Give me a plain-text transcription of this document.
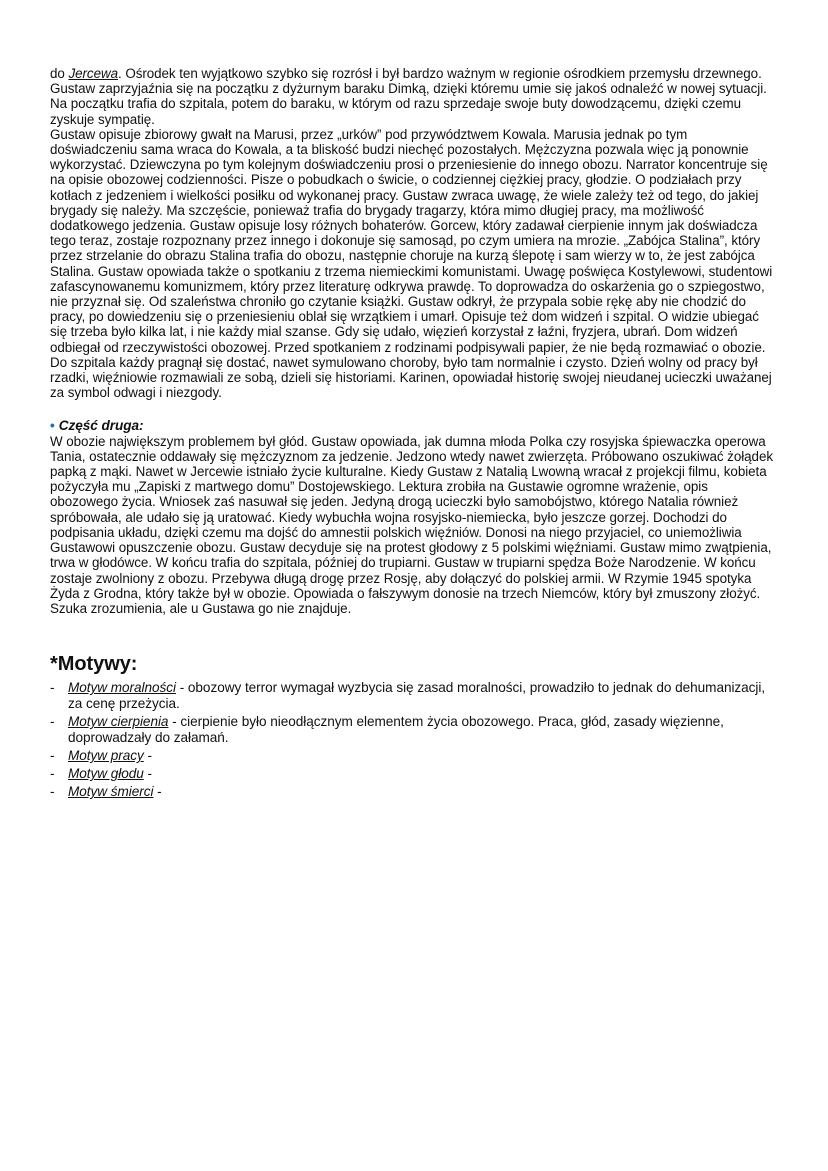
do Jercewa. Ośrodek ten wyjątkowo szybko się rozrósł i był bardzo ważnym w regionie ośrodkiem przemysłu drzewnego. Gustaw zaprzyjaźnia się na początku z dyżurnym baraku Dimką, dzięki któremu umie się jakoś odnaleźć w nowej sytuacji. Na początku trafia do szpitala, potem do baraku, w którym od razu sprzedaje swoje buty dowodzącemu, dzięki czemu zyskuje sympatię.

Gustaw opisuje zbiorowy gwałt na Marusi, przez „urków” pod przywództwem Kowala. Marusia jednak po tym doświadczeniu sama wraca do Kowala, a ta bliskość budzi niechęć pozostałych. Mężczyzna pozwala więc ją ponownie wykorzystać. Dziewczyna po tym kolejnym doświadczeniu prosi o przeniesienie do innego obozu. Narrator koncentruje się na opisie obozowej codzienności. Pisze o pobudkach o świcie, o codziennej ciężkiej pracy, głodzie. O podziałach przy kotłach z jedzeniem i wielkości posiłku od wykonanej pracy. Gustaw zwraca uwagę, że wiele zależy też od tego, do jakiej brygady się należy. Ma szczęście, ponieważ trafia do brygady tragarzy, która mimo długiej pracy, ma możliwość dodatkowego jedzenia. Gustaw opisuje losy różnych bohaterów. Gorcew, który zadawał cierpienie innym jak doświadcza tego teraz, zostaje rozpoznany przez innego i dokonuje się samosąd, po czym umiera na mrozie. „Zabójca Stalina”, który przez strzelanie do obrazu Stalina trafia do obozu, następnie choruje na kurzą ślepotę i sam wierzy w to, że jest zabójca Stalina. Gustaw opowiada także o spotkaniu z trzema niemieckimi komunistami. Uwagę poświęca Kostylewowi, studentowi zafascynowanemu komunizmem, który przez literaturę odkrywa prawdę. To doprowadza do oskarżenia go o szpiegostwo, nie przyznał się. Od szaleństwa chroniło go czytanie książki. Gustaw odkrył, że przypala sobie rękę aby nie chodzić do pracy, po dowiedzeniu się o przeniesieniu oblał się wrzątkiem i umarł. Opisuje też dom widzeń i szpital. O widzie ubiegać się trzeba było kilka lat, i nie każdy mial szanse. Gdy się udało, więzień korzystał z łaźni, fryzjera, ubrań. Dom widzeń odbiegał od rzeczywistości obozowej. Przed spotkaniem z rodzinami podpisywali papier, że nie będą rozmawiać o obozie. Do szpitala każdy pragnął się dostać, nawet symulowano choroby, było tam normalnie i czysto. Dzień wolny od pracy był rzadki, więźniowie rozmawiali ze sobą, dzieli się historiami. Karinen, opowiadał historię swojej nieudanej ucieczki uważanej za symbol odwagi i niezgody.

• Część druga:

W obozie największym problemem był głód. Gustaw opowiada, jak dumna młoda Polka czy rosyjska śpiewaczka operowa Tania, ostatecznie oddawały się mężczyznom za jedzenie. Jedzono wtedy nawet zwierzęta. Próbowano oszukiwać żołądek papką z mąki. Nawet w Jercewie istniało życie kulturalne. Kiedy Gustaw z Natalią Lwowną wracał z projekcji filmu, kobieta pożyczyła mu „Zapiski z martwego domu” Dostojewskiego. Lektura zrobiła na Gustawie ogromne wrażenie, opis obozowego życia. Wniosek zaś nasuwał się jeden. Jedyną drogą ucieczki było samobójstwo, którego Natalia również spróbowała, ale udało się ją uratować. Kiedy wybuchła wojna rosyjsko-niemiecka, było jeszcze gorzej. Dochodzi do podpisania układu, dzięki czemu ma dojść do amnestii polskich więźniów. Donosi na niego przyjaciel, co uniemożliwia Gustawowi opuszczenie obozu. Gustaw decyduje się na protest głodowy z 5 polskimi więźniami. Gustaw mimo zwątpienia, trwa w głodówce. W końcu trafia do szpitala, później do trupiarni. Gustaw w trupiarni spędza Boże Narodzenie. W końcu zostaje zwolniony z obozu. Przebywa długą drogę przez Rosję, aby dołączyć do polskiej armii. W Rzymie 1945 spotyka Żyda z Grodna, który także był w obozie. Opowiada o fałszywym donosie na trzech Niemców, który był zmuszony złożyć. Szuka zrozumienia, ale u Gustawa go nie znajduje.

*Motywy:
- Motyw moralności - obozowy terror wymagał wyzbycia się zasad moralności, prowadziło to jednak do dehumanizacji, za cenę przeżycia.
- Motyw cierpienia - cierpienie było nieodłącznym elementem życia obozowego. Praca, głód, zasady więzienne, doprowadzały do załamań.
- Motyw pracy -
- Motyw głodu -
- Motyw śmierci -
